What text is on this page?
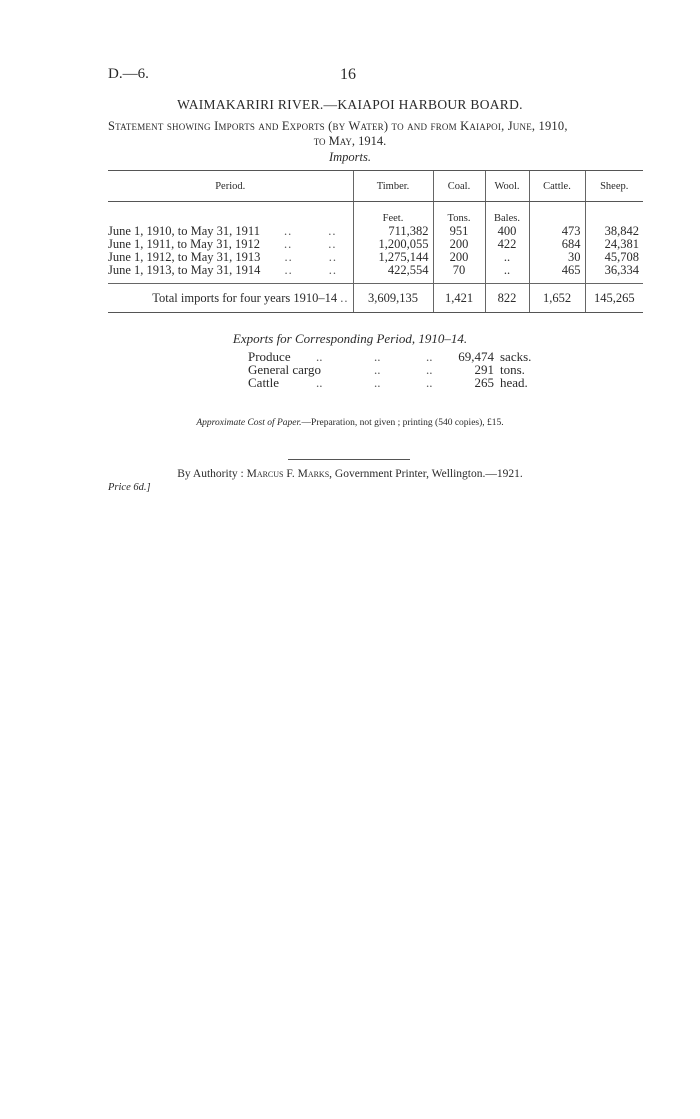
D.—6.	16
WAIMAKARIRI RIVER.—KAIAPOI HARBOUR BOARD.
Statement showing Imports and Exports (by Water) to and from Kaiapoi, June, 1910,
to May, 1914.
Imports.
Period.	Timber.	Coal.	Wool.	Cattle.	Sheep.
	Feet.	Tons.	Bales.		
June 1, 1910, to May 31, 1911 .. ..	711,382	951	400	473	38,842
June 1, 1911, to May 31, 1912 .. ..	1,200,055	200	422	684	24,381
June 1, 1912, to May 31, 1913 .. ..	1,275,144	200	..	30	45,708
June 1, 1913, to May 31, 1914 .. ..	422,554	70	..	465	36,334

Total imports for four years 1910–14 ..	3,609,135	1,421	822	1,652	145,265
Exports for Corresponding Period, 1910–14.
Produce ..	..	..	69,474 sacks.
General cargo	..	..	291 tons.
Cattle	..	..	..	265 head.
Approximate Cost of Paper.—Preparation, not given ; printing (540 copies), £15.
By Authority : Marcus F. Marks, Government Printer, Wellington.—1921.
Price 6d.]
